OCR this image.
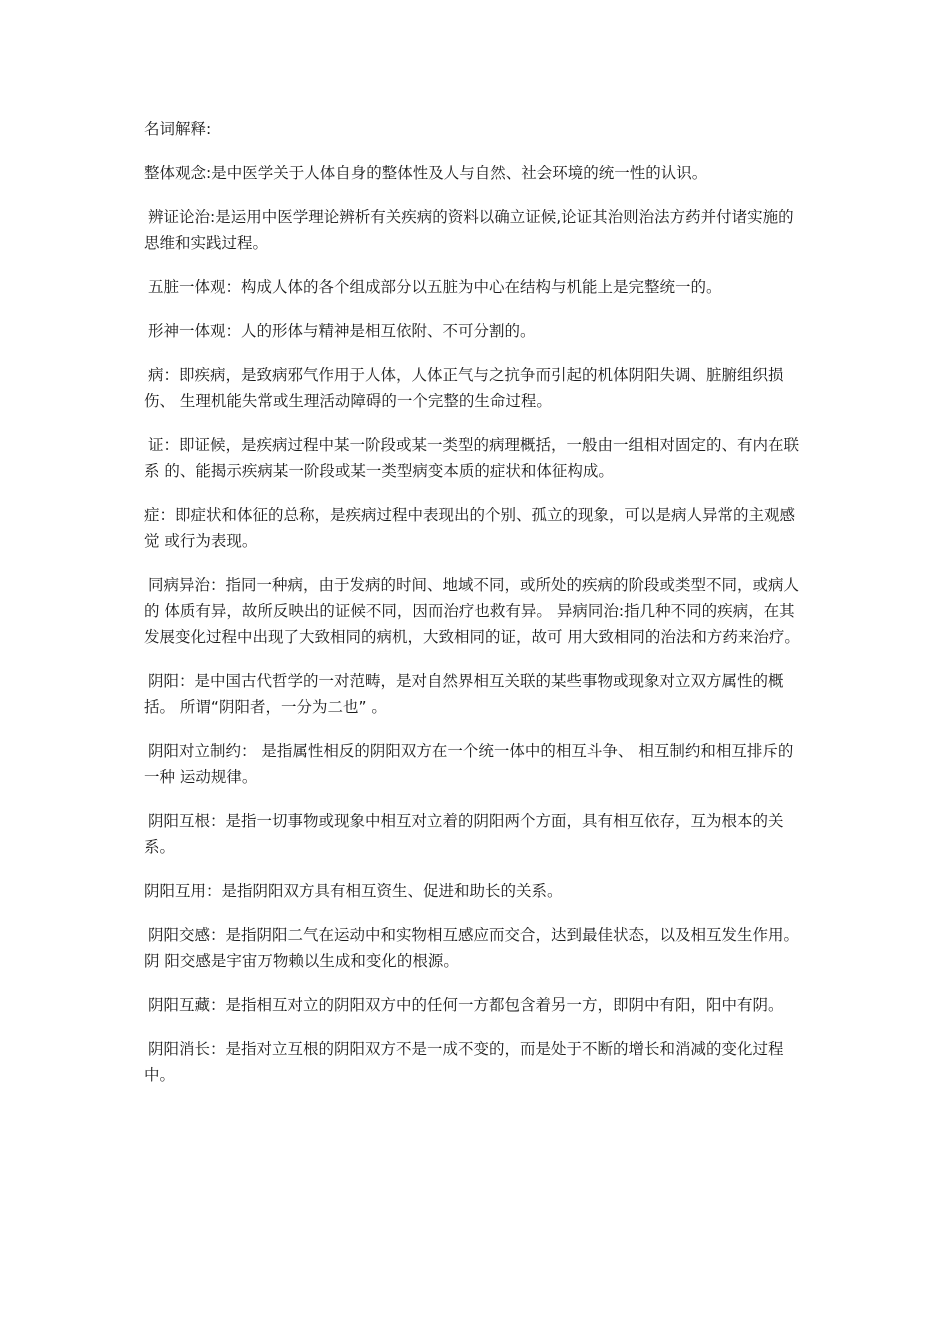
名词解释:

整体观念:是中医学关于人体自身的整体性及人与自然、社会环境的统一性的认识。

辨证论治:是运用中医学理论辨析有关疾病的资料以确立证候,论证其治则治法方药并付诸实施的 思维和实践过程。

五脏一体观：构成人体的各个组成部分以五脏为中心在结构与机能上是完整统一的。

形神一体观：人的形体与精神是相互依附、不可分割的。

病：即疾病，是致病邪气作用于人体，人体正气与之抗争而引起的机体阴阳失调、脏腑组织损伤、 生理机能失常或生理活动障碍的一个完整的生命过程。

证：即证候，是疾病过程中某一阶段或某一类型的病理概括，一般由一组相对固定的、有内在联系 的、能揭示疾病某一阶段或某一类型病变本质的症状和体征构成。

症：即症状和体征的总称，是疾病过程中表现出的个别、孤立的现象，可以是病人异常的主观感觉 或行为表现。

同病异治：指同一种病，由于发病的时间、地域不同，或所处的疾病的阶段或类型不同，或病人的 体质有异，故所反映出的证候不同，因而治疗也救有异。 异病同治:指几种不同的疾病，在其发展变化过程中出现了大致相同的病机，大致相同的证，故可 用大致相同的治法和方药来治疗。

阴阳：是中国古代哲学的一对范畴，是对自然界相互关联的某些事物或现象对立双方属性的概括。 所谓“阴阳者，一分为二也” 。

阴阳对立制约： 是指属性相反的阴阳双方在一个统一体中的相互斗争、 相互制约和相互排斥的一种 运动规律。

阴阳互根：是指一切事物或现象中相互对立着的阴阳两个方面，具有相互依存，互为根本的关系。

阴阳互用：是指阴阳双方具有相互资生、促进和助长的关系。

阴阳交感：是指阴阳二气在运动中和实物相互感应而交合，达到最佳状态，以及相互发生作用。阴 阳交感是宇宙万物赖以生成和变化的根源。

阴阳互藏：是指相互对立的阴阳双方中的任何一方都包含着另一方，即阴中有阳，阳中有阴。

阴阳消长：是指对立互根的阴阳双方不是一成不变的，而是处于不断的增长和消减的变化过程中。
